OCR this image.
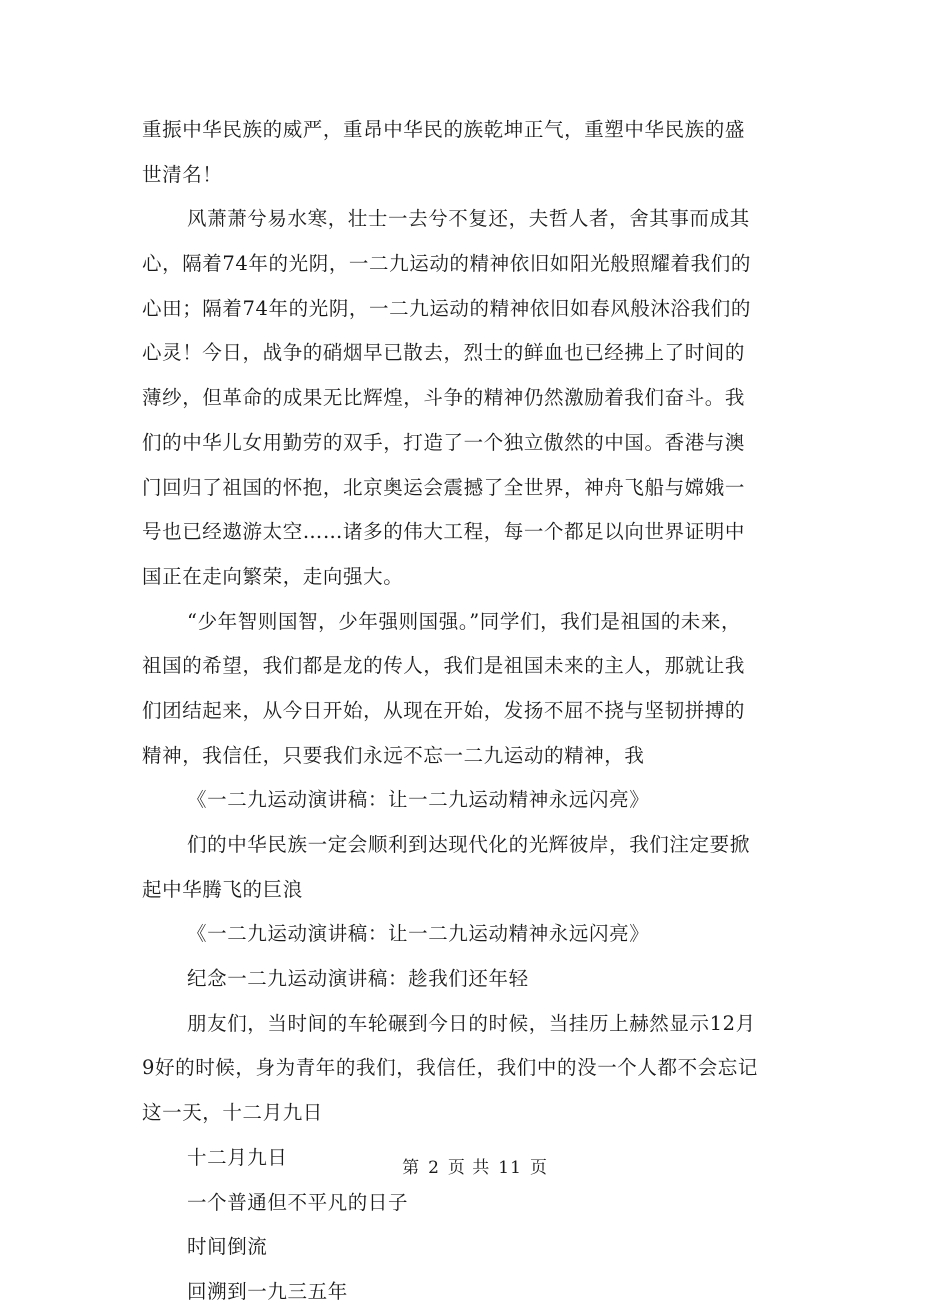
重振中华民族的威严，重昂中华民的族乾坤正气，重塑中华民族的盛
世清名！
风萧萧兮易水寒，壮士一去兮不复还，夫哲人者，舍其事而成其
心，隔着74年的光阴，一二九运动的精神依旧如阳光般照耀着我们的
心田；隔着74年的光阴，一二九运动的精神依旧如春风般沐浴我们的
心灵！今日，战争的硝烟早已散去，烈士的鲜血也已经拂上了时间的
薄纱，但革命的成果无比辉煌，斗争的精神仍然激励着我们奋斗。我
们的中华儿女用勤劳的双手，打造了一个独立傲然的中国。香港与澳
门回归了祖国的怀抱，北京奥运会震撼了全世界，神舟飞船与嫦娥一
号也已经遨游太空……诸多的伟大工程，每一个都足以向世界证明中
国正在走向繁荣，走向强大。
“少年智则国智，少年强则国强。”同学们，我们是祖国的未来，
祖国的希望，我们都是龙的传人，我们是祖国未来的主人，那就让我
们团结起来，从今日开始，从现在开始，发扬不屈不挠与坚韧拼搏的
精神，我信任，只要我们永远不忘一二九运动的精神，我
《一二九运动演讲稿：让一二九运动精神永远闪亮》
们的中华民族一定会顺利到达现代化的光辉彼岸，我们注定要掀
起中华腾飞的巨浪
《一二九运动演讲稿：让一二九运动精神永远闪亮》
纪念一二九运动演讲稿：趁我们还年轻
朋友们，当时间的车轮碾到今日的时候，当挂历上赫然显示12月
9好的时候，身为青年的我们，我信任，我们中的没一个人都不会忘记
这一天，十二月九日
十二月九日
一个普通但不平凡的日子
时间倒流
回溯到一九三五年
第 2 页 共 11 页
